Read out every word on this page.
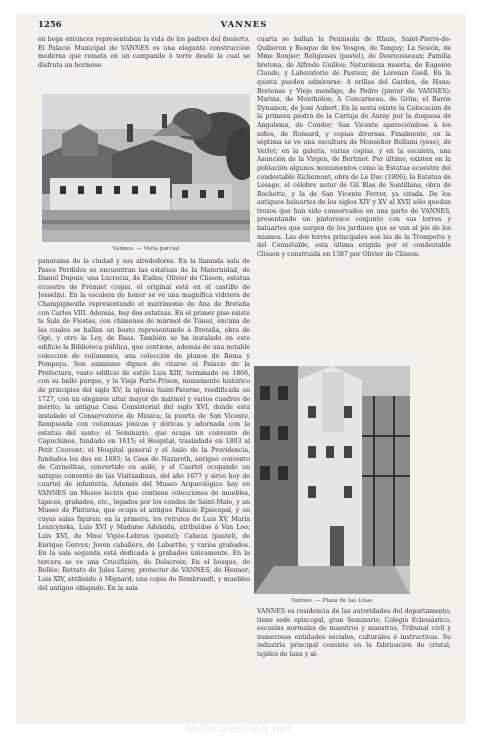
1256	VANNES

en boga entonces representaban la vida de los padres del desierto. El Palacio Municipal de VANNES es una elegante construcción moderna que remata en un campanile ó torre desde la cual se disfruta un hermoso

Vannes. — Vista parcial

panorama de la ciudad y sus alrededores. En la llamada sala de Pasos Perdidos se encuentran las estatuas de la Maternidad, de Daniel Dupuis; una Lucrecia, de Eudes; Olivier de Clisson, estatua ecuestre de Frémiet (copia, el original está en el castillo de Josselin). En la escalera de honor se ve una magnífica vidriera de Champigneulle representando el matrimonio de Ana de Bretaña con Carlos VIII. Además, hay dos estatuas. En el primer piso existe la Sala de Fiestas, con chimenea de mármol de Túnez, encima de las cuales se hallan un busto representando á Bretaña, obra de Ogé, y otro la Ley, de Baas. También se ha instalado en este edificio la Biblioteca pública, que contiene, además de una notable colección de volúmenes, una colección de planos de Roma y Pompeya. Son asimismo dignos de citarse el Palacio de la Prefectura, vasto edificio de estilo Luis XIII, terminado en 1866, con su bello parque, y la Vieja Porte-Prison, monumento histórico de principios del siglo XV; la iglesia Saint-Paterne, reedificada en 1727, con un elegante altar mayor de mármol y varios cuadros de mérito; la antigua Casa Consistorial del siglo XVI, donde está instalado el Conservatorio de Música; la puerta de San Vicente, flanqueada con columnas jónicas y dóricas y adornada con la estatua del santo; el Seminario, que ocupa un convento de Capuchinos, fundado en 1615; el Hospital, trasladado en 1803 al Petit Couvent; el Hospital general y el Asilo de la Providencia, fundados los dos en 1685; la Casa de Nazareth, antiguo convento de Carmelitas, convertido en asilo, y el Cuartel ocupando un antiguo convento de las Visitandinas, del año 1677 y sirve hoy de cuartel de infantería. Además del Museo Arqueológico hay en VANNES un Museo lectón que contiene colecciones de muebles, tapices, grabados, etc., legados por los condes de Saint-Malo, y un Museo de Pinturas, que ocupa el antiguo Palacio Episcopal, y en cuyas salas figuran: en la primera, los retratos de Luis XV, María Leszcynska, Luis XVI y Madame Adelaida, atribuidos á Van Loo; Luis XVI, de Mme Vigée-Lebrun (pastel); Cabeza (pastel), de Enrique Gervex; Joven caballero, de Labarthe, y varios grabados. En la sala segunda está dedicada á grabados únicamente. En la tercera se ve una Crucifixión, de Delacroix; En el bosque, de Bellée; Retrato de Jules Leroy, protector de VANNES, de Henner; Luis XIV, atribuido á Mignard; una copia de Rembrandt, y muebles del antiguo obispado. En la sala

cuarta se hallan la Península de Rhuis, Saint-Pierre-de-Quiberon y Bosque de los Vosgos, de Tanguy; La Sesión, de Mme Ronjier; Religiosas (pastel), de Desrousseaux; Familia bretona, de Alfredo Guillou; Naturaleza muerta, de Eugenio Claude, y Laboratorio de Pasteur, de Lorenzo Gsell. En la quinta pueden admirarse: A orillas del Garden, de Hans; Bretonas y Viejo mendigo, de Pedro (pintor de VANNES); Marina, de Montholon; A Concarneau, de Grün; el Barón Dynamon, de José Aubert. En la sexta existe la Colocación de la primera piedra de la Cartuja de Auray por la duquesa de Angulema, de Conder; San Vicente apareciéndose á los niños, de Ronsard, y copias diversas. Finalmente, en la séptima se ve una escultura de Monseñor Bellami (yeso), de Verlet; en la galería, varias copias, y en la escalera, una Asunción de la Virgen, de Bertinot. Por último, existen en la población algunos monumentos como la Estatua ecuestre del condestable Richemont, obra de Le Duc (1906); la Estatua de Lesage, el célebre autor de Gil Blas de Santillana, obra de Rochette, y la de San Vicente Ferrer, ya citada. De los antiguos baluartes de los siglos XIV y XV al XVII sólo quedan trozos que han sido conservados en una parte de VANNES, presentando un pintoresco conjunto con sus torres y baluartes que surgen de los jardines que se ven al pie de los mismos. Las dos torres principales son las de la Trompette y del Connétable, esta última erigida por el condestable Clisson y construida en 1387 por Olivier de Clisson.

Vannes. — Plaza de las Lisas

VANNES es residencia de las autoridades del departamento; tiene sede episcopal, gran Seminario, Colegio Eclesiástico, escuelas normales de maestros y maestras, Tribunal civil y numerosas entidades sociales, culturales é instructivas. Su industria principal consiste en la fabricación de cristal, tejidos de lana y al-

todocoleccion.net
